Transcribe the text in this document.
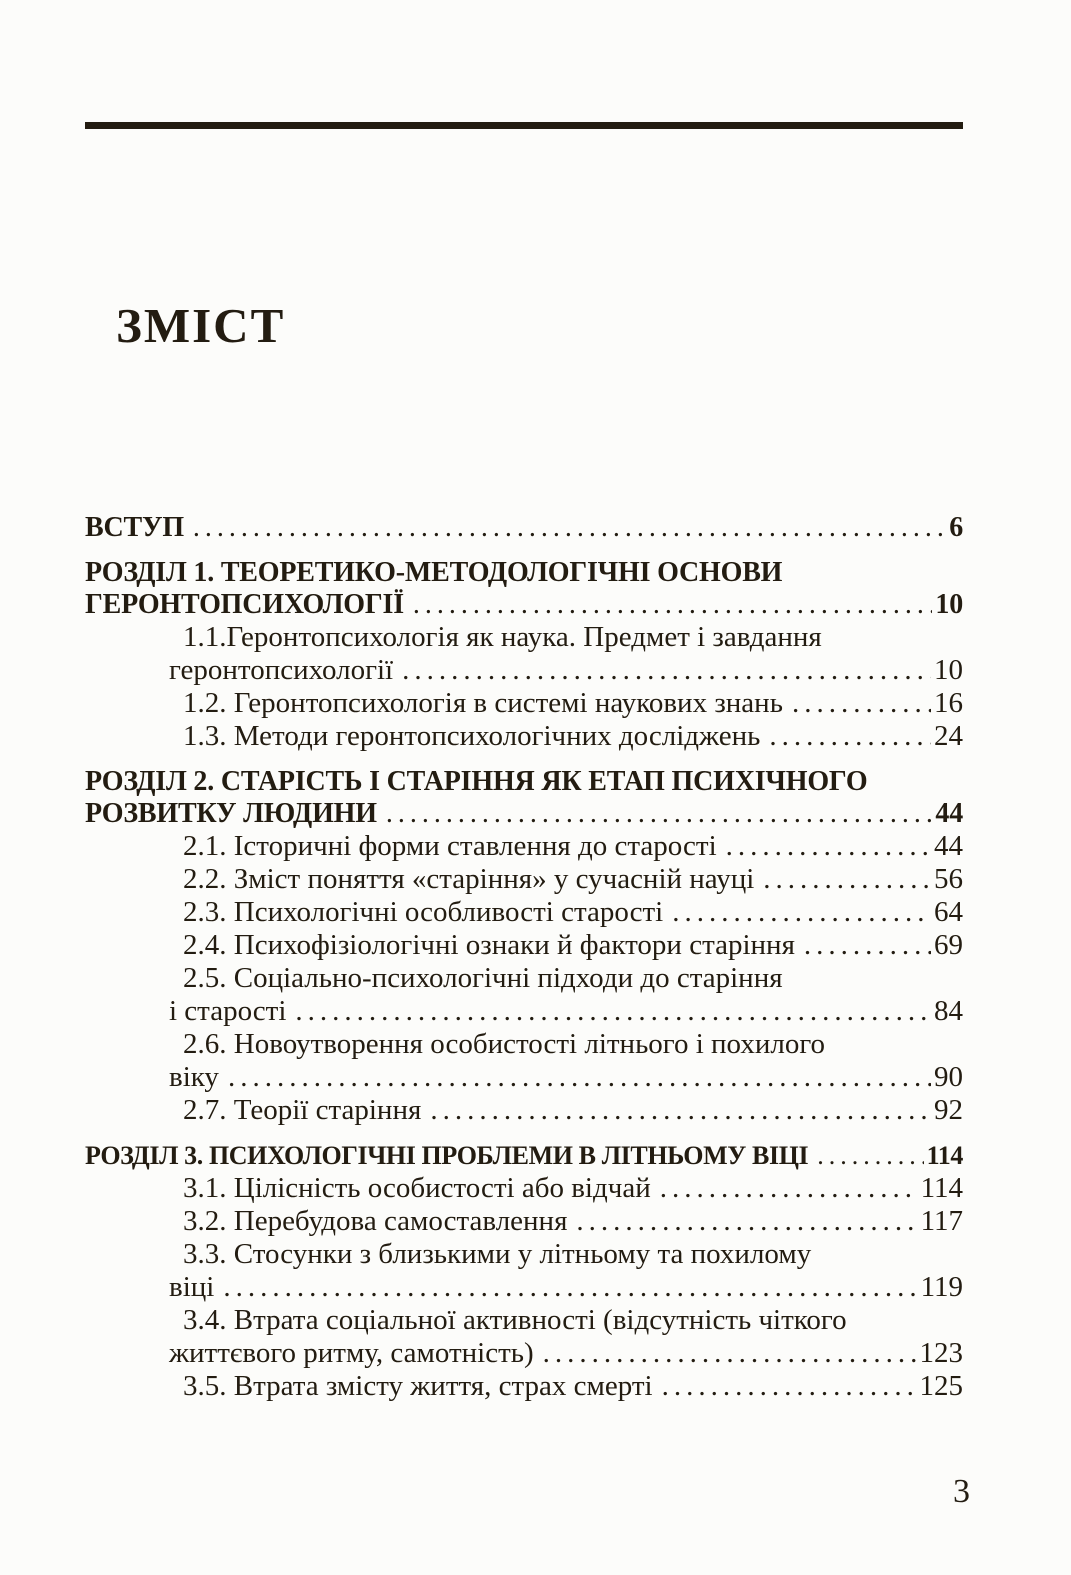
ЗМІСТ
ВСТУП .....	6
РОЗДІЛ 1. ТЕОРЕТИКО-МЕТОДОЛОГІЧНІ ОСНОВИ
ГЕРОНТОПСИХОЛОГІЇ .....	10
1.1.Геронтопсихологія як наука. Предмет і завдання
геронтопсихології .....	10
1.2. Геронтопсихологія в системі наукових знань .....	16
1.3. Методи геронтопсихологічних досліджень .....	24
РОЗДІЛ 2. СТАРІСТЬ І СТАРІННЯ ЯК ЕТАП ПСИХІЧНОГО
РОЗВИТКУ ЛЮДИНИ .....	44
2.1. Історичні форми ставлення до старості .....	44
2.2. Зміст поняття «старіння» у сучасній науці .....	56
2.3. Психологічні особливості старості .....	64
2.4. Психофізіологічні ознаки й фактори старіння .....	69
2.5. Соціально-психологічні підходи до старіння
і старості .....	84
2.6. Новоутворення особистості літнього і похилого
віку .....	90
2.7. Теорії старіння .....	92
РОЗДІЛ 3. ПСИХОЛОГІЧНІ ПРОБЛЕМИ В ЛІТНЬОМУ ВІЦІ .....	114
3.1. Цілісність особистості або відчай .....	114
3.2. Перебудова самоставлення .....	117
3.3. Стосунки з близькими у літньому та похилому
віці .....	119
3.4. Втрата соціальної активності (відсутність чіткого
життєвого ритму, самотність) .....	123
3.5. Втрата змісту життя, страх смерті .....	125
3
